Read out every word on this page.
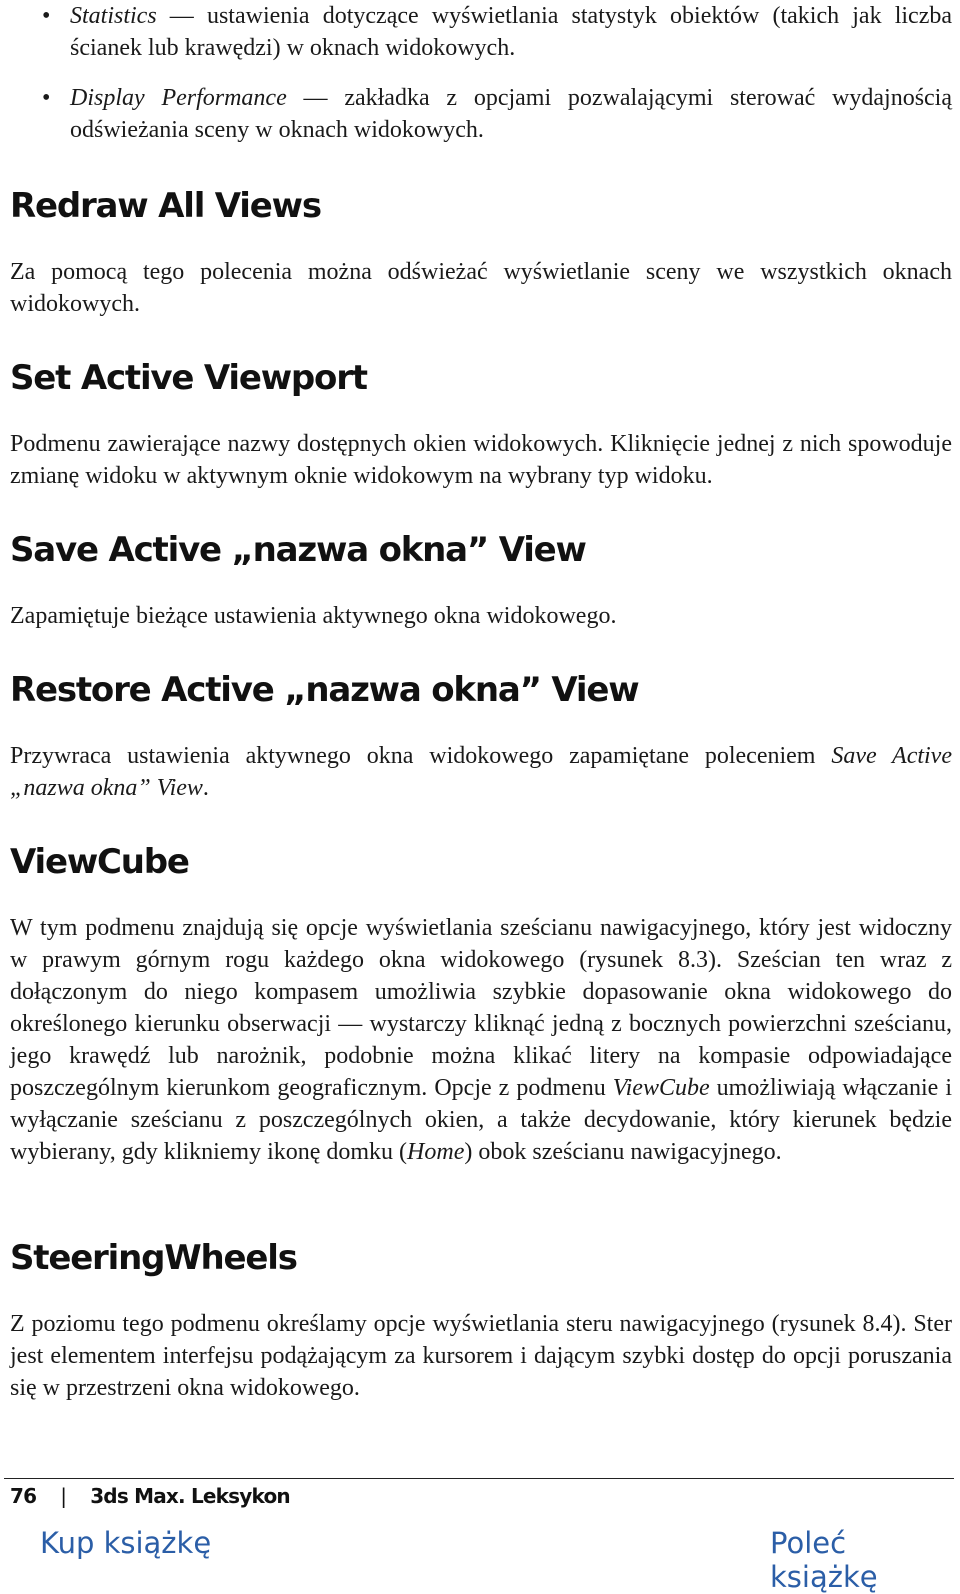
• Statistics — ustawienia dotyczące wyświetlania statystyk obiektów (takich jak liczba ścianek lub krawędzi) w oknach widokowych.
• Display Performance — zakładka z opcjami pozwalającymi sterować wydajnością odświeżania sceny w oknach widokowych.
Redraw All Views

Za pomocą tego polecenia można odświeżać wyświetlanie sceny we wszystkich oknach widokowych.

Set Active Viewport

Podmenu zawierające nazwy dostępnych okien widokowych. Kliknięcie jednej z nich spowoduje zmianę widoku w aktywnym oknie widokowym na wybrany typ widoku.

Save Active „nazwa okna” View

Zapamiętuje bieżące ustawienia aktywnego okna widokowego.

Restore Active „nazwa okna” View

Przywraca ustawienia aktywnego okna widokowego zapamiętane poleceniem Save Active „nazwa okna” View.

ViewCube

W tym podmenu znajdują się opcje wyświetlania sześcianu nawigacyjnego, który jest widoczny w prawym górnym rogu każdego okna widokowego (rysunek 8.3). Sześcian ten wraz z dołączonym do niego kompasem umożliwia szybkie dopasowanie okna widokowego do określonego kierunku obserwacji — wystarczy kliknąć jedną z bocznych powierzchni sześcianu, jego krawędź lub narożnik, podobnie można klikać litery na kompasie odpowiadające poszczególnym kierunkom geograficznym. Opcje z podmenu ViewCube umożliwiają włączanie i wyłączanie sześcianu z poszczególnych okien, a także decydowanie, który kierunek będzie wybierany, gdy klikniemy ikonę domku (Home) obok sześcianu nawigacyjnego.

SteeringWheels

Z poziomu tego podmenu określamy opcje wyświetlania steru nawigacyjnego (rysunek 8.4). Ster jest elementem interfejsu podążającym za kursorem i dającym szybki dostęp do opcji poruszania się w przestrzeni okna widokowego.

76 | 3ds Max. Leksykon
Kup książkę	Poleć książkę
